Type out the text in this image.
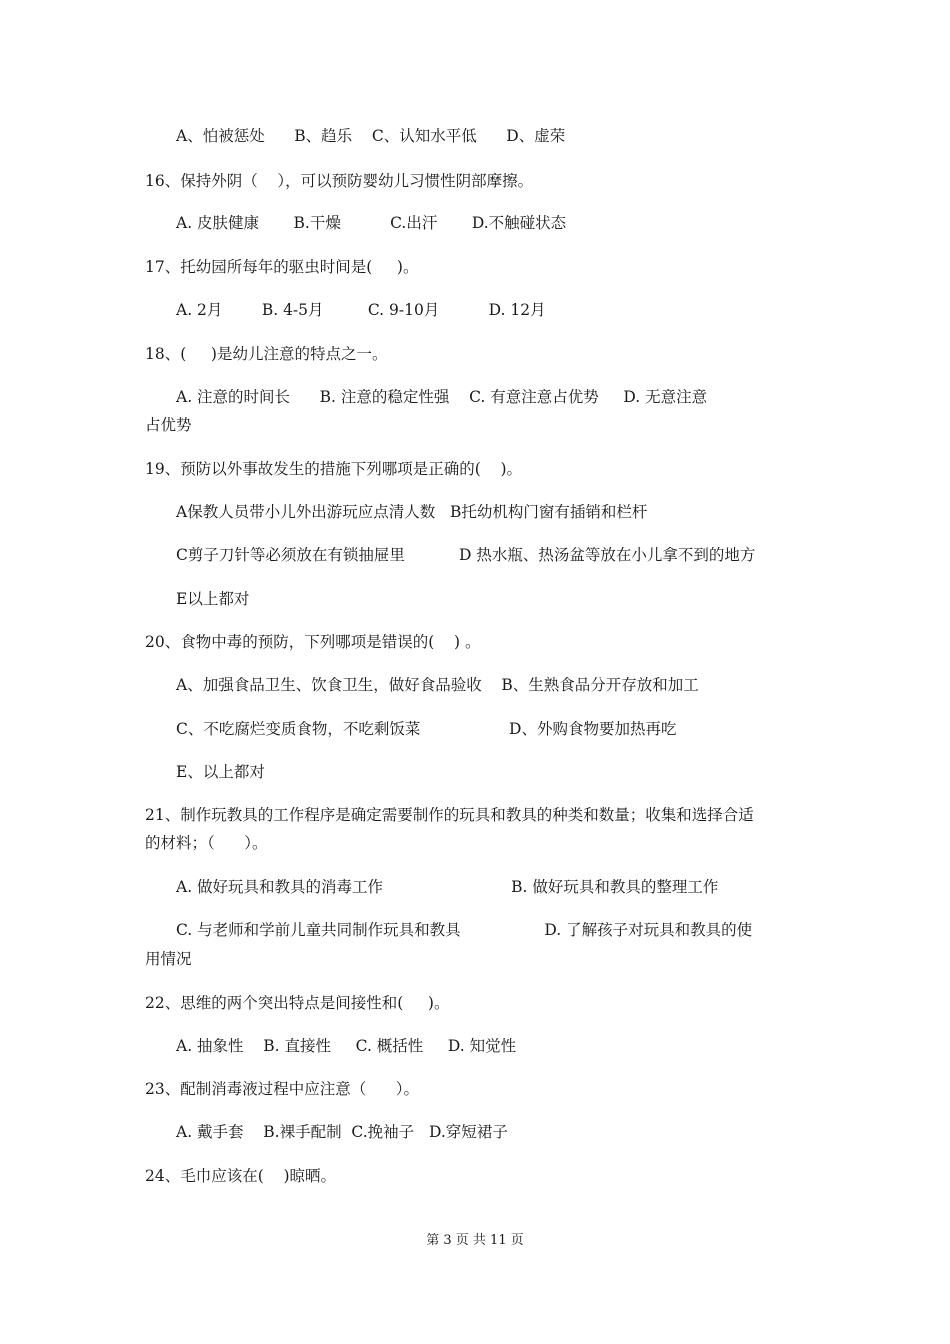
A、怕被惩处      B、趋乐    C、认知水平低      D、虚荣
16、保持外阴（    ），可以预防婴幼儿习惯性阴部摩擦。
A. 皮肤健康       B.干燥          C.出汗       D.不触碰状态
17、托幼园所每年的驱虫时间是(     )。
A. 2月        B. 4-5月         C. 9-10月          D. 12月
18、(     )是幼儿注意的特点之一。
A. 注意的时间长      B. 注意的稳定性强    C. 有意注意占优势     D. 无意注意
占优势
19、预防以外事故发生的措施下列哪项是正确的(    )。
A保教人员带小儿外出游玩应点清人数   B托幼机构门窗有插销和栏杆
C剪子刀针等必须放在有锁抽屉里           D 热水瓶、热汤盆等放在小儿拿不到的地方
E以上都对
20、食物中毒的预防，下列哪项是错误的(    ) 。
A、加强食品卫生、饮食卫生，做好食品验收    B、生熟食品分开存放和加工
C、不吃腐烂变质食物，不吃剩饭菜                  D、外购食物要加热再吃
E、以上都对
21、制作玩教具的工作程序是确定需要制作的玩具和教具的种类和数量；收集和选择合适
的材料；（      ）。
A. 做好玩具和教具的消毒工作                          B. 做好玩具和教具的整理工作
C. 与老师和学前儿童共同制作玩具和教具                 D. 了解孩子对玩具和教具的使
用情况
22、思维的两个突出特点是间接性和(     )。
A. 抽象性    B. 直接性     C. 概括性     D. 知觉性
23、配制消毒液过程中应注意（      ）。
A. 戴手套    B.裸手配制  C.挽袖子   D.穿短裙子
24、毛巾应该在(    )晾晒。
第 3 页 共 11 页
